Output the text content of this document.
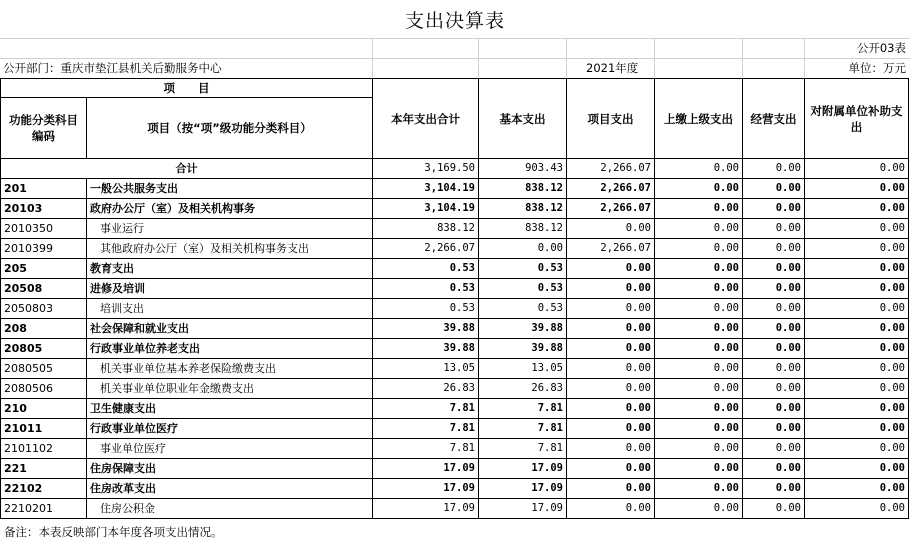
支出决算表
公开03表
公开部门：重庆市垫江县机关后勤服务中心	2021年度	单位：万元
项　　目		本年支出合计	基本支出	项目支出	上缴上级支出	经营支出	对附属单位补助支出
功能分类科目编码	项目（按“项”级功能分类科目）						

合计		3,169.50	903.43	2,266.07	0.00	0.00	0.00
201	一般公共服务支出	3,104.19	838.12	2,266.07	0.00	0.00	0.00
20103	政府办公厅（室）及相关机构事务	3,104.19	838.12	2,266.07	0.00	0.00	0.00
2010350	事业运行	838.12	838.12	0.00	0.00	0.00	0.00
2010399	其他政府办公厅（室）及相关机构事务支出	2,266.07	0.00	2,266.07	0.00	0.00	0.00
205	教育支出	0.53	0.53	0.00	0.00	0.00	0.00
20508	进修及培训	0.53	0.53	0.00	0.00	0.00	0.00
2050803	培训支出	0.53	0.53	0.00	0.00	0.00	0.00
208	社会保障和就业支出	39.88	39.88	0.00	0.00	0.00	0.00
20805	行政事业单位养老支出	39.88	39.88	0.00	0.00	0.00	0.00
2080505	机关事业单位基本养老保险缴费支出	13.05	13.05	0.00	0.00	0.00	0.00
2080506	机关事业单位职业年金缴费支出	26.83	26.83	0.00	0.00	0.00	0.00
210	卫生健康支出	7.81	7.81	0.00	0.00	0.00	0.00
21011	行政事业单位医疗	7.81	7.81	0.00	0.00	0.00	0.00
2101102	事业单位医疗	7.81	7.81	0.00	0.00	0.00	0.00
221	住房保障支出	17.09	17.09	0.00	0.00	0.00	0.00
22102	住房改革支出	17.09	17.09	0.00	0.00	0.00	0.00
2210201	住房公积金	17.09	17.09	0.00	0.00	0.00	0.00
备注：本表反映部门本年度各项支出情况。
